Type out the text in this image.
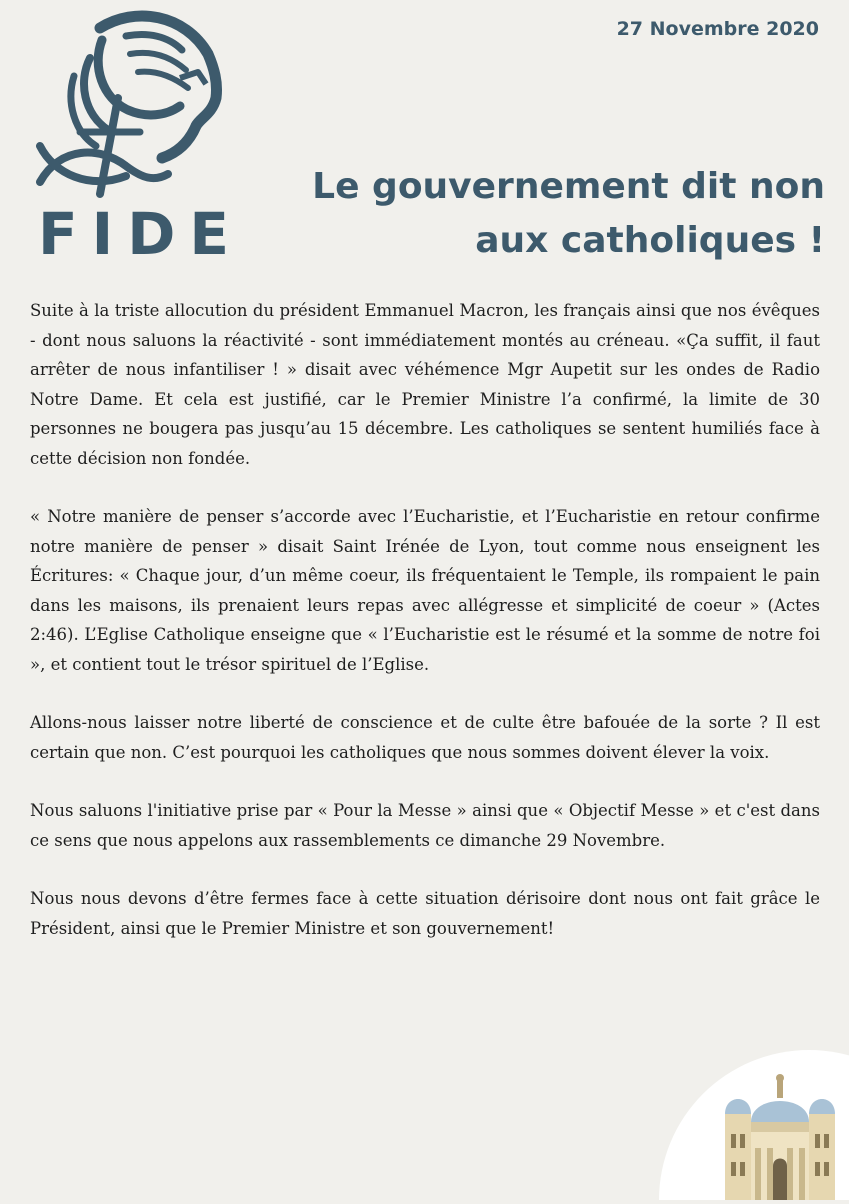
FIDE
27 Novembre 2020
Le gouvernement dit non
aux catholiques !

Suite à la triste allocution du président Emmanuel Macron, les français ainsi que nos évêques - dont nous saluons la réactivité - sont immédiatement montés au créneau. «Ça suffit, il faut arrêter de nous infantiliser ! » disait avec véhémence Mgr Aupetit sur les ondes de Radio Notre Dame. Et cela est justifié, car le Premier Ministre l’a confirmé, la limite de 30 personnes ne bougera pas jusqu’au 15 décembre. Les catholiques se sentent humiliés face à cette décision non fondée.

« Notre manière de penser s’accorde avec l’Eucharistie, et l’Eucharistie en retour confirme notre manière de penser » disait Saint Irénée de Lyon, tout comme nous enseignent les Écritures: « Chaque jour, d’un même coeur, ils fréquentaient le Temple, ils rompaient le pain dans les maisons, ils prenaient leurs repas avec allégresse et simplicité de coeur » (Actes 2:46). L’Eglise Catholique enseigne que « l’Eucharistie est le résumé et la somme de notre foi », et contient tout le trésor spirituel de l’Eglise.

Allons-nous laisser notre liberté de conscience et de culte être bafouée de la sorte ? Il est certain que non. C’est pourquoi les catholiques que nous sommes doivent élever la voix.

Nous saluons l'initiative prise par « Pour la Messe » ainsi que « Objectif Messe » et c'est dans ce sens que nous appelons aux rassemblements ce dimanche 29 Novembre.

Nous nous devons d’être fermes face à cette situation dérisoire dont nous ont fait grâce le Président, ainsi que le Premier Ministre et son gouvernement!
